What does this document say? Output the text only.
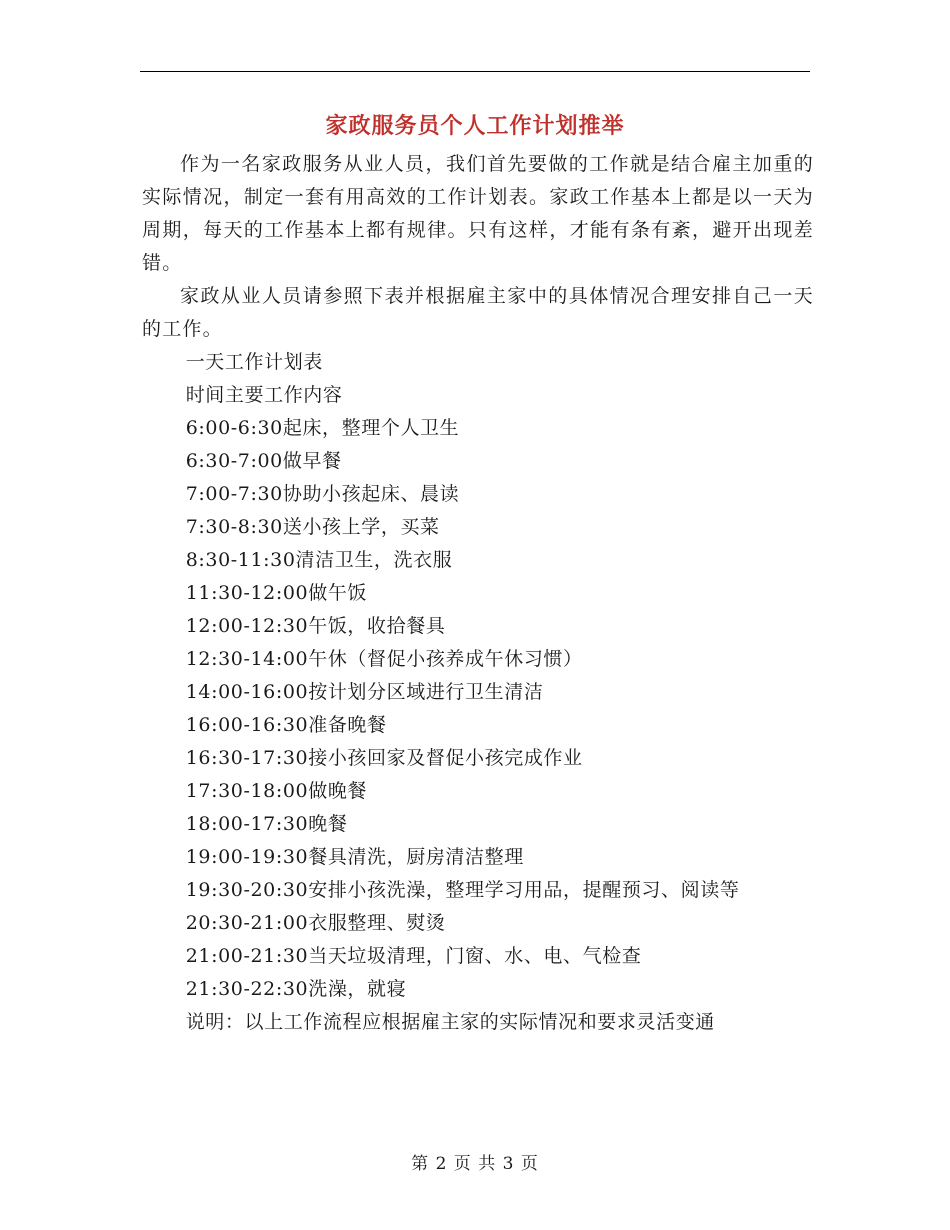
家政服务员个人工作计划推举

作为一名家政服务从业人员，我们首先要做的工作就是结合雇主加重的实际情况，制定一套有用高效的工作计划表。家政工作基本上都是以一天为周期，每天的工作基本上都有规律。只有这样，才能有条有紊，避开出现差错。

家政从业人员请参照下表并根据雇主家中的具体情况合理安排自己一天的工作。

一天工作计划表

时间主要工作内容

6:00-6:30起床，整理个人卫生

6:30-7:00做早餐

7:00-7:30协助小孩起床、晨读

7:30-8:30送小孩上学，买菜

8:30-11:30清洁卫生，洗衣服

11:30-12:00做午饭

12:00-12:30午饭，收拾餐具

12:30-14:00午休（督促小孩养成午休习惯）

14:00-16:00按计划分区域进行卫生清洁

16:00-16:30准备晚餐

16:30-17:30接小孩回家及督促小孩完成作业

17:30-18:00做晚餐

18:00-17:30晚餐

19:00-19:30餐具清洗，厨房清洁整理

19:30-20:30安排小孩洗澡，整理学习用品，提醒预习、阅读等

20:30-21:00衣服整理、熨烫

21:00-21:30当天垃圾清理，门窗、水、电、气检查

21:30-22:30洗澡，就寝

说明：以上工作流程应根据雇主家的实际情况和要求灵活变通

第 2 页 共 3 页
